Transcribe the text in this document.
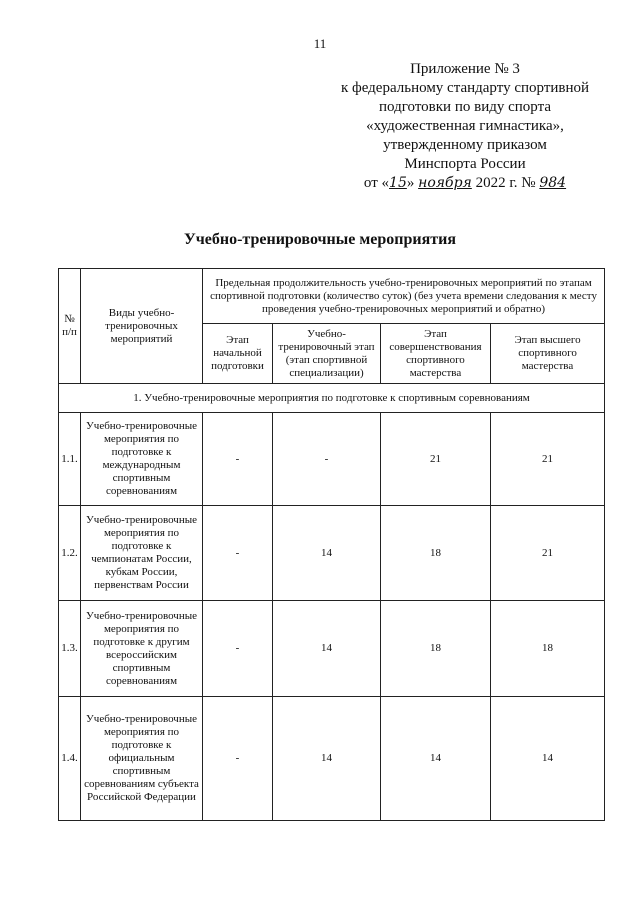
11
Приложение № 3
к федеральному стандарту спортивной
подготовки по виду спорта
«художественная гимнастика»,
утвержденному приказом
Минспорта России
от «15» ноября 2022 г. № 984
Учебно-тренировочные мероприятия
№ п/п	Виды учебно-тренировочных мероприятий	Предельная продолжительность учебно-тренировочных мероприятий по этапам спортивной подготовки (количество суток) (без учета времени следования к месту проведения учебно-тренировочных мероприятий и обратно)			
		Этап начальной подготовки	Учебно-тренировочный этап (этап спортивной специализации)	Этап совершенствования спортивного мастерства	Этап высшего спортивного мастерства
1. Учебно-тренировочные мероприятия по подготовке к спортивным соревнованиям					
1.1.	Учебно-тренировочные мероприятия по подготовке к международным спортивным соревнованиям	-	-	21	21
1.2.	Учебно-тренировочные мероприятия по подготовке к чемпионатам России, кубкам России, первенствам России	-	14	18	21
1.3.	Учебно-тренировочные мероприятия по подготовке к другим всероссийским спортивным соревнованиям	-	14	18	18
1.4.	Учебно-тренировочные мероприятия по подготовке к официальным спортивным соревнованиям субъекта Российской Федерации	-	14	14	14
